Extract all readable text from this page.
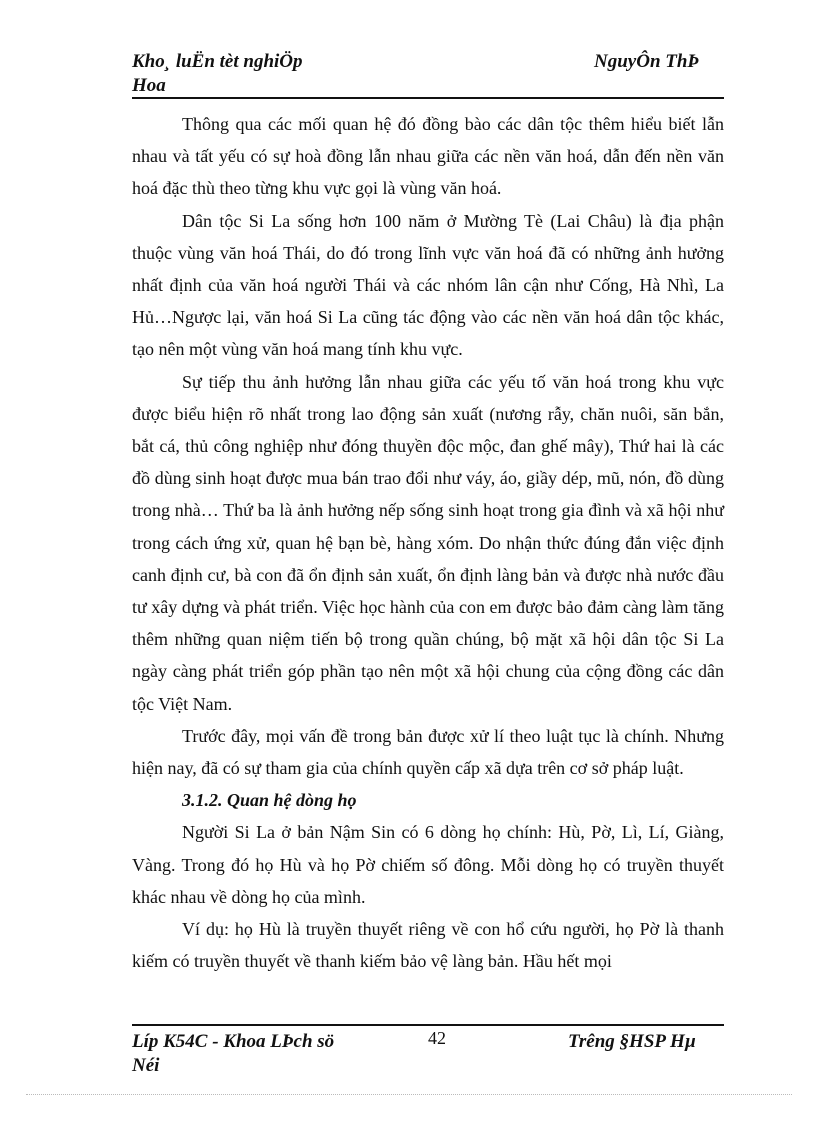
Kho¸ luËn tèt nghiÖp
Hoa
NguyÔn ThÞ

Thông qua các mối quan hệ đó đồng bào các dân tộc thêm hiểu biết lẫn nhau và tất yếu có sự hoà đồng lẫn nhau giữa các nền văn hoá, dẫn đến nền văn hoá đặc thù theo từng khu vực gọi là vùng văn hoá.

Dân tộc Si La sống hơn 100 năm ở Mường Tè (Lai Châu) là địa phận thuộc vùng văn hoá Thái, do đó trong lĩnh vực văn hoá đã có những ảnh hưởng nhất định của văn hoá người Thái và các nhóm lân cận như Cống, Hà Nhì, La Hủ…Ngược lại, văn hoá Si La cũng tác động vào các nền văn hoá dân tộc khác, tạo nên một vùng văn hoá mang tính khu vực.

Sự tiếp thu ảnh hưởng lẫn nhau giữa các yếu tố văn hoá trong khu vực được biểu hiện rõ nhất trong lao động sản xuất (nương rẫy, chăn nuôi, săn bắn, bắt cá, thủ công nghiệp như đóng thuyền độc mộc, đan ghế mây), Thứ hai là các đồ dùng sinh hoạt được mua bán trao đổi như váy, áo, giầy dép, mũ, nón, đồ dùng trong nhà… Thứ ba là ảnh hưởng nếp sống sinh hoạt trong gia đình và xã hội như trong cách ứng xử, quan hệ bạn bè, hàng xóm. Do nhận thức đúng đắn việc định canh định cư, bà con đã ổn định sản xuất, ổn định làng bản và được nhà nước đầu tư xây dựng và phát triển. Việc học hành của con em được bảo đảm càng làm tăng thêm những quan niệm tiến bộ trong quần chúng, bộ mặt xã hội dân tộc Si La ngày càng phát triển góp phần tạo nên một xã hội chung của cộng đồng các dân tộc Việt Nam.

Trước đây, mọi vấn đề trong bản được xử lí theo luật tục là chính. Nhưng hiện nay, đã có sự tham gia của chính quyền cấp xã dựa trên cơ sở pháp luật.

3.1.2. Quan hệ dòng họ

Người Si La ở bản Nậm Sin có 6 dòng họ chính: Hù, Pờ, Lì, Lí, Giàng, Vàng. Trong đó họ Hù và họ Pờ chiếm số đông. Mỗi dòng họ có truyền thuyết khác nhau về dòng họ của mình.

Ví dụ: họ Hù là truyền thuyết riêng về con hổ cứu người, họ Pờ là thanh kiếm có truyền thuyết về thanh kiếm bảo vệ làng bản. Hầu hết mọi

Líp K54C - Khoa LÞch sö
Néi
42	Trêng §HSP Hµ
